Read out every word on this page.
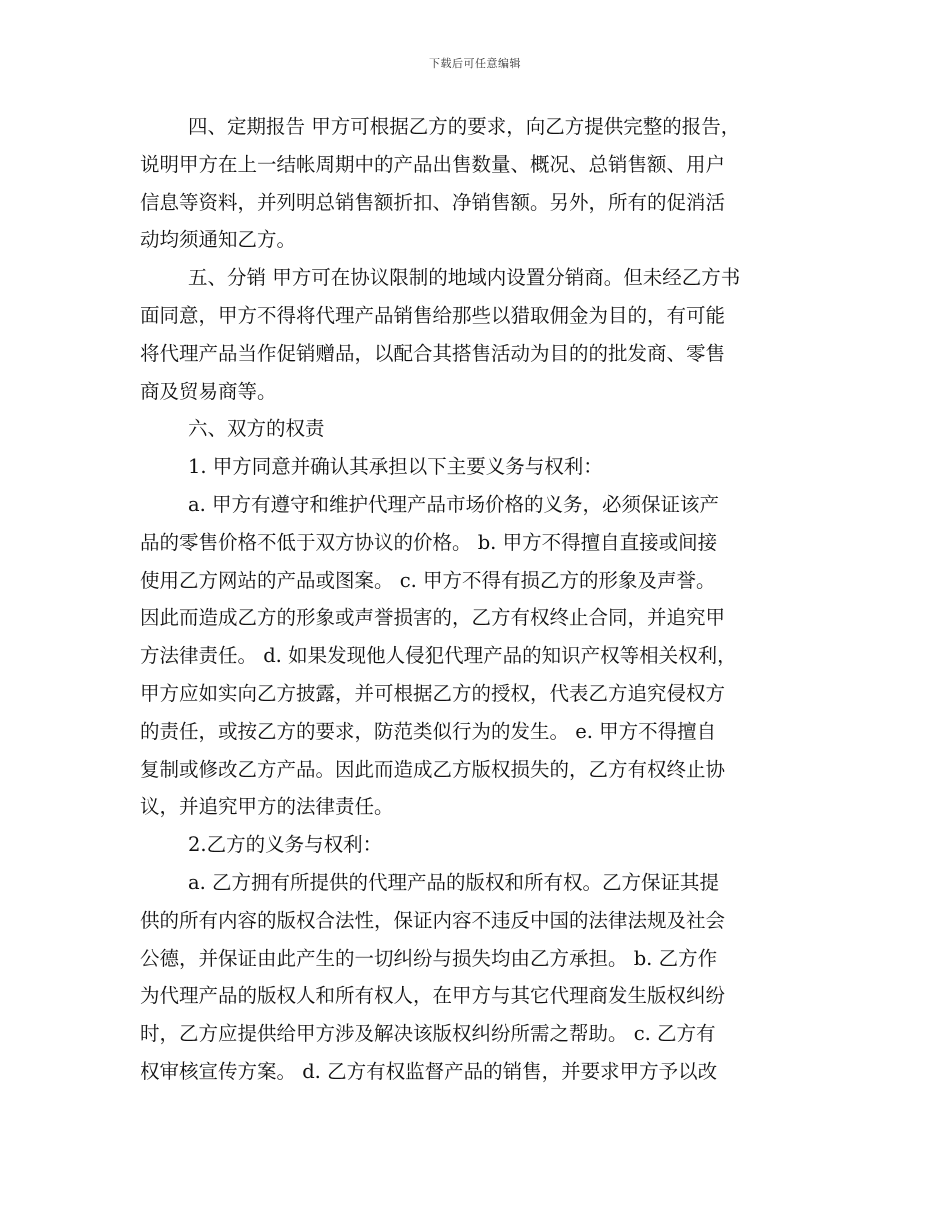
下载后可任意编辑
四、定期报告 甲方可根据乙方的要求，向乙方提供完整的报告，
说明甲方在上一结帐周期中的产品出售数量、概况、总销售额、用户
信息等资料，并列明总销售额折扣、净销售额。另外，所有的促消活
动均须通知乙方。
五、分销 甲方可在协议限制的地域内设置分销商。但未经乙方书
面同意，甲方不得将代理产品销售给那些以猎取佣金为目的，有可能
将代理产品当作促销赠品，以配合其搭售活动为目的的批发商、零售
商及贸易商等。
六、双方的权责
1. 甲方同意并确认其承担以下主要义务与权利：
a. 甲方有遵守和维护代理产品市场价格的义务，必须保证该产
品的零售价格不低于双方协议的价格。 b. 甲方不得擅自直接或间接
使用乙方网站的产品或图案。 c. 甲方不得有损乙方的形象及声誉。
因此而造成乙方的形象或声誉损害的，乙方有权终止合同，并追究甲
方法律责任。 d. 如果发现他人侵犯代理产品的知识产权等相关权利，
甲方应如实向乙方披露，并可根据乙方的授权，代表乙方追究侵权方
的责任，或按乙方的要求，防范类似行为的发生。 e. 甲方不得擅自
复制或修改乙方产品。因此而造成乙方版权损失的，乙方有权终止协
议，并追究甲方的法律责任。
2.乙方的义务与权利：
a. 乙方拥有所提供的代理产品的版权和所有权。乙方保证其提
供的所有内容的版权合法性，保证内容不违反中国的法律法规及社会
公德，并保证由此产生的一切纠纷与损失均由乙方承担。 b. 乙方作
为代理产品的版权人和所有权人，在甲方与其它代理商发生版权纠纷
时，乙方应提供给甲方涉及解决该版权纠纷所需之帮助。 c. 乙方有
权审核宣传方案。 d. 乙方有权监督产品的销售，并要求甲方予以改
